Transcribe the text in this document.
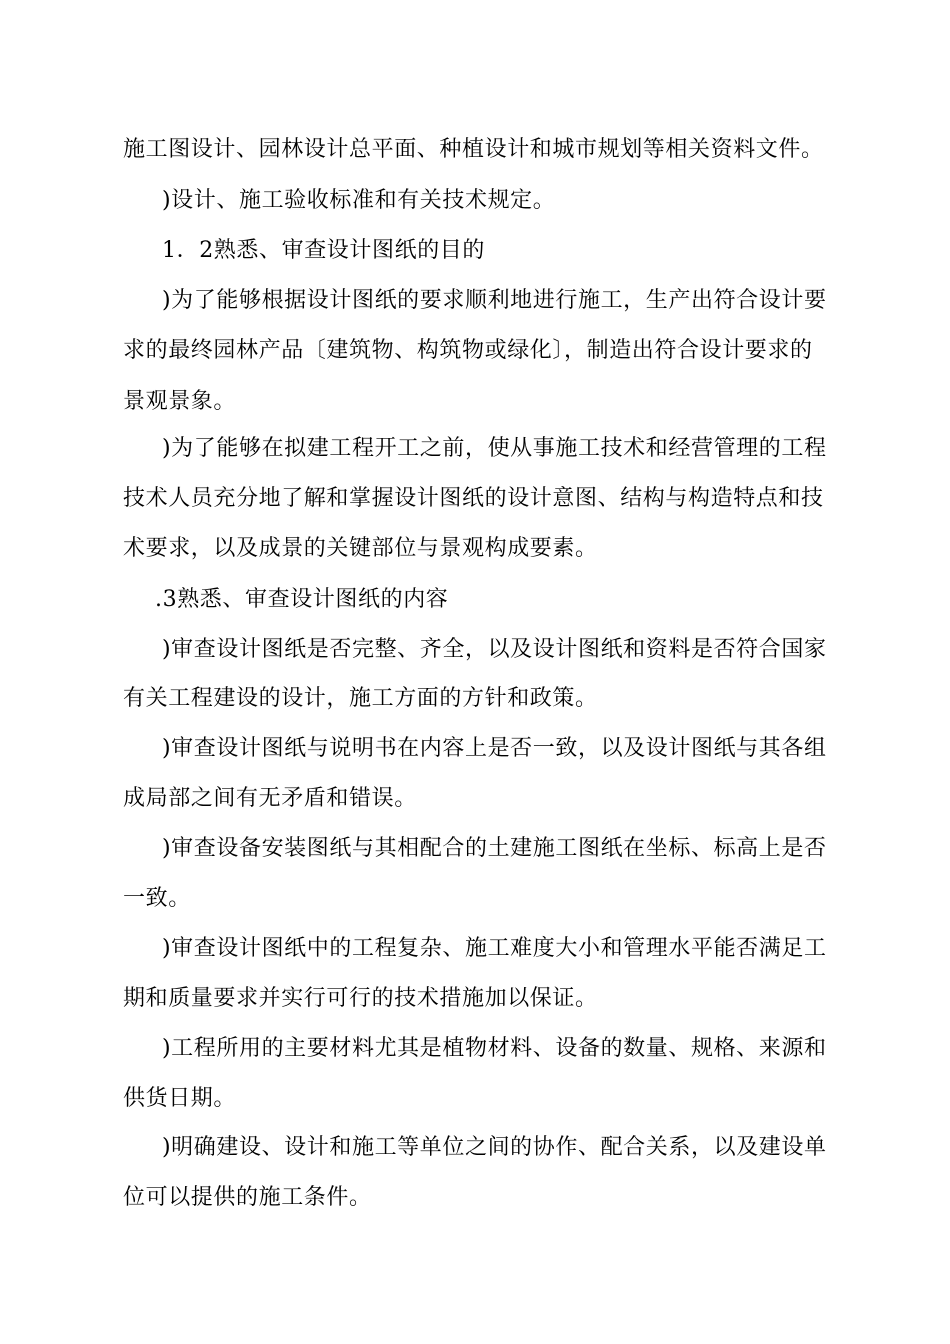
施工图设计、园林设计总平面、种植设计和城市规划等相关资料文件。
)设计、施工验收标准和有关技术规定。
1．2熟悉、审查设计图纸的目的
)为了能够根据设计图纸的要求顺利地进行施工，生产出符合设计要
求的最终园林产品〔建筑物、构筑物或绿化〕，制造出符合设计要求的
景观景象。
)为了能够在拟建工程开工之前，使从事施工技术和经营管理的工程
技术人员充分地了解和掌握设计图纸的设计意图、结构与构造特点和技
术要求，以及成景的关键部位与景观构成要素。
.3熟悉、审查设计图纸的内容
)审查设计图纸是否完整、齐全，以及设计图纸和资料是否符合国家
有关工程建设的设计，施工方面的方针和政策。
)审查设计图纸与说明书在内容上是否一致，以及设计图纸与其各组
成局部之间有无矛盾和错误。
)审查设备安装图纸与其相配合的土建施工图纸在坐标、标高上是否
一致。
)审查设计图纸中的工程复杂、施工难度大小和管理水平能否满足工
期和质量要求并实行可行的技术措施加以保证。
)工程所用的主要材料尤其是植物材料、设备的数量、规格、来源和
供货日期。
)明确建设、设计和施工等单位之间的协作、配合关系，以及建设单
位可以提供的施工条件。
